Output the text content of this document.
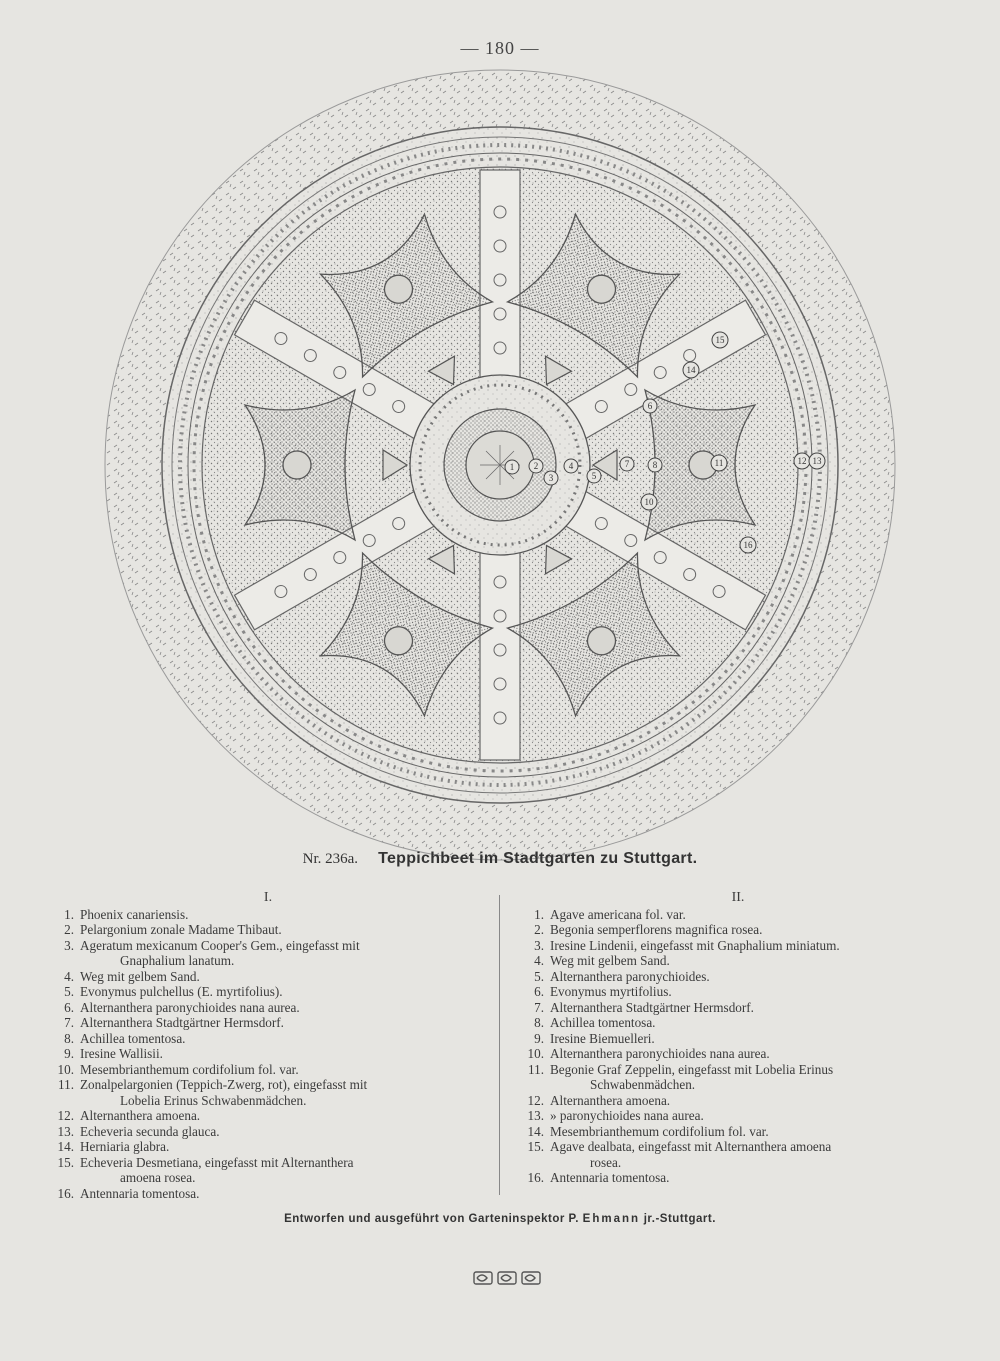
— 180 —
1 2
3
4
5
6
7	8
10
11	12 13
14
15
16
Nr. 236a. Teppichbeet im Stadtgarten zu Stuttgart.
I.
1. Phoenix canariensis.
2. Pelargonium zonale Madame Thibaut.
3. Ageratum mexicanum Cooper's Gem., eingefasst mit
Gnaphalium lanatum.
4. Weg mit gelbem Sand.
5. Evonymus pulchellus (E. myrtifolius).
6. Alternanthera paronychioides nana aurea.
7. Alternanthera Stadtgärtner Hermsdorf.
8. Achillea tomentosa.
9. Iresine Wallisii.
10. Mesembrianthemum cordifolium fol. var.
11. Zonalpelargonien (Teppich-Zwerg, rot), eingefasst mit
Lobelia Erinus Schwabenmädchen.
12. Alternanthera amoena.
13. Echeveria secunda glauca.
14. Herniaria glabra.
15. Echeveria Desmetiana, eingefasst mit Alternanthera
amoena rosea.
16. Antennaria tomentosa.
II.
1. Agave americana fol. var.
2. Begonia semperflorens magnifica rosea.
3. Iresine Lindenii, eingefasst mit Gnaphalium miniatum.
4. Weg mit gelbem Sand.
5. Alternanthera paronychioides.
6. Evonymus myrtifolius.
7. Alternanthera Stadtgärtner Hermsdorf.
8. Achillea tomentosa.
9. Iresine Biemuelleri.
10. Alternanthera paronychioides nana aurea.
11. Begonie Graf Zeppelin, eingefasst mit Lobelia Erinus
Schwabenmädchen.
12. Alternanthera amoena.
13. » paronychioides nana aurea.
14. Mesembrianthemum cordifolium fol. var.
15. Agave dealbata, eingefasst mit Alternanthera amoena
rosea.
16. Antennaria tomentosa.
Entworfen und ausgeführt von Garteninspektor P. Ehmann jr.-Stuttgart.
